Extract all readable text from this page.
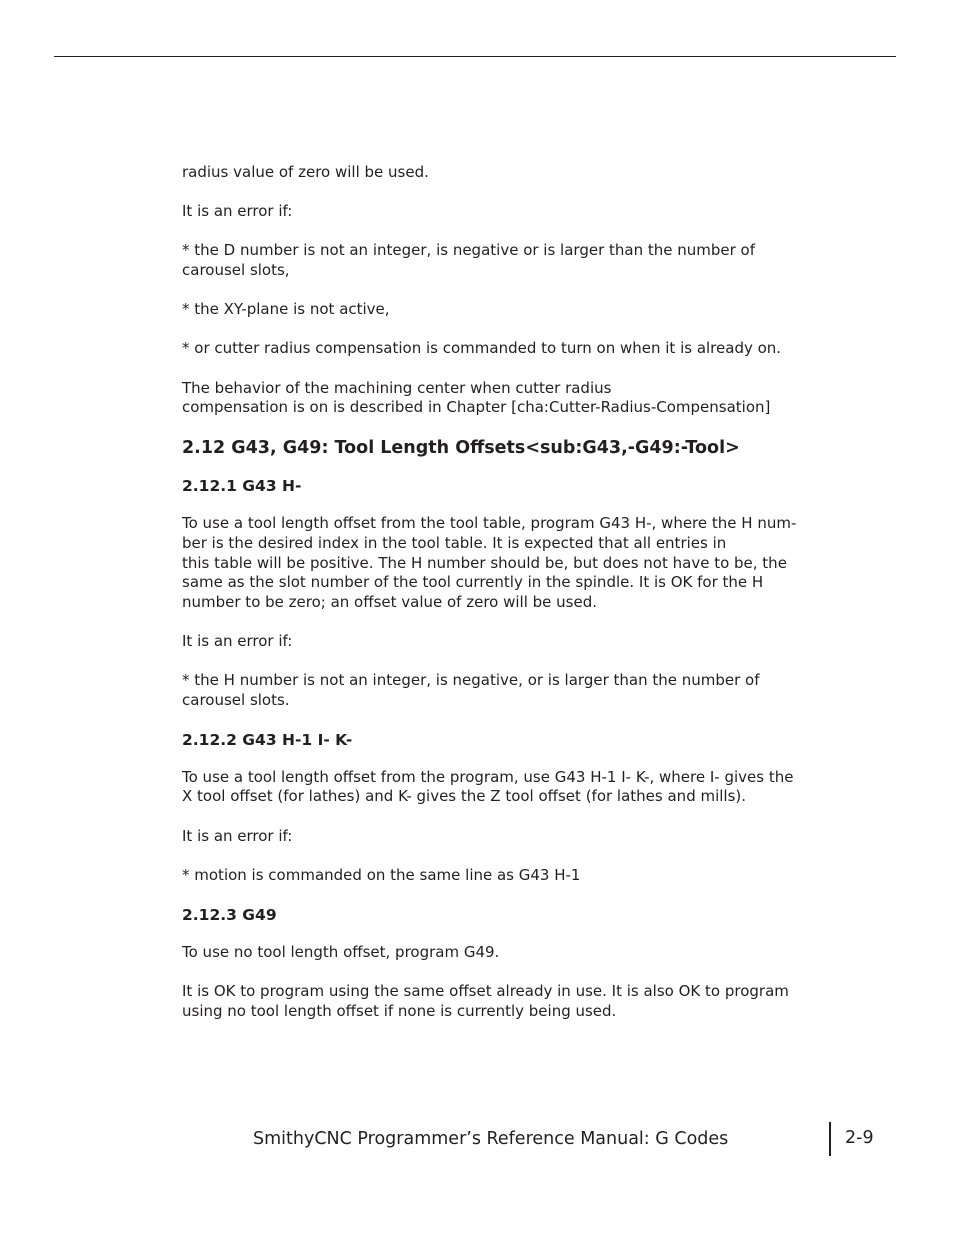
radius value of zero will be used.
It is an error if:
* the D number is not an integer, is negative or is larger than the number of
carousel slots,
* the XY-plane is not active,
* or cutter radius compensation is commanded to turn on when it is already on.
The behavior of the machining center when cutter radius
compensation is on is described in Chapter [cha:Cutter-Radius-Compensation]
2.12 G43, G49: Tool Length Offsets<sub:G43,-G49:-Tool>
2.12.1 G43 H-
To use a tool length offset from the tool table, program G43 H-, where the H num-
ber is the desired index in the tool table. It is expected that all entries in
this table will be positive. The H number should be, but does not have to be, the
same as the slot number of the tool currently in the spindle. It is OK for the H
number to be zero; an offset value of zero will be used.
It is an error if:
* the H number is not an integer, is negative, or is larger than the number of
carousel slots.
2.12.2 G43 H-1 I- K-
To use a tool length offset from the program, use G43 H-1 I- K-, where I- gives the
X tool offset (for lathes) and K- gives the Z tool offset (for lathes and mills).
It is an error if:
* motion is commanded on the same line as G43 H-1
2.12.3 G49
To use no tool length offset, program G49.
It is OK to program using the same offset already in use. It is also OK to program
using no tool length offset if none is currently being used.
SmithyCNC Programmer’s Reference Manual: G Codes	2-9
